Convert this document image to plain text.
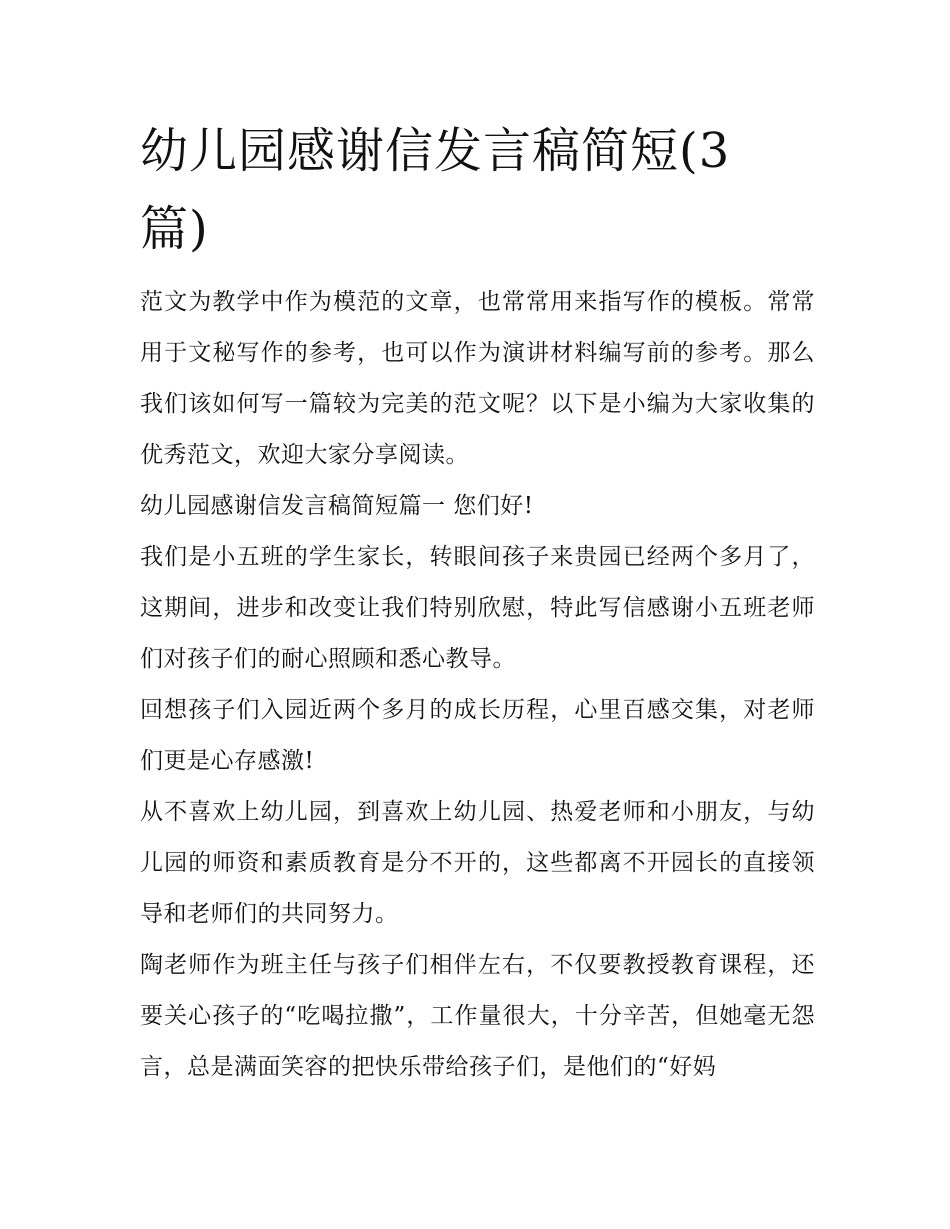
幼儿园感谢信发言稿简短(3篇)

范文为教学中作为模范的文章，也常常用来指写作的模板。常常用于文秘写作的参考，也可以作为演讲材料编写前的参考。那么我们该如何写一篇较为完美的范文呢？以下是小编为大家收集的优秀范文，欢迎大家分享阅读。

幼儿园感谢信发言稿简短篇一 您们好!

我们是小五班的学生家长，转眼间孩子来贵园已经两个多月了，这期间，进步和改变让我们特别欣慰，特此写信感谢小五班老师们对孩子们的耐心照顾和悉心教导。

回想孩子们入园近两个多月的成长历程，心里百感交集，对老师们更是心存感激!

从不喜欢上幼儿园，到喜欢上幼儿园、热爱老师和小朋友，与幼儿园的师资和素质教育是分不开的，这些都离不开园长的直接领导和老师们的共同努力。

陶老师作为班主任与孩子们相伴左右，不仅要教授教育课程，还要关心孩子的“吃喝拉撒”，工作量很大，十分辛苦，但她毫无怨言，总是满面笑容的把快乐带给孩子们，是他们的“好妈
